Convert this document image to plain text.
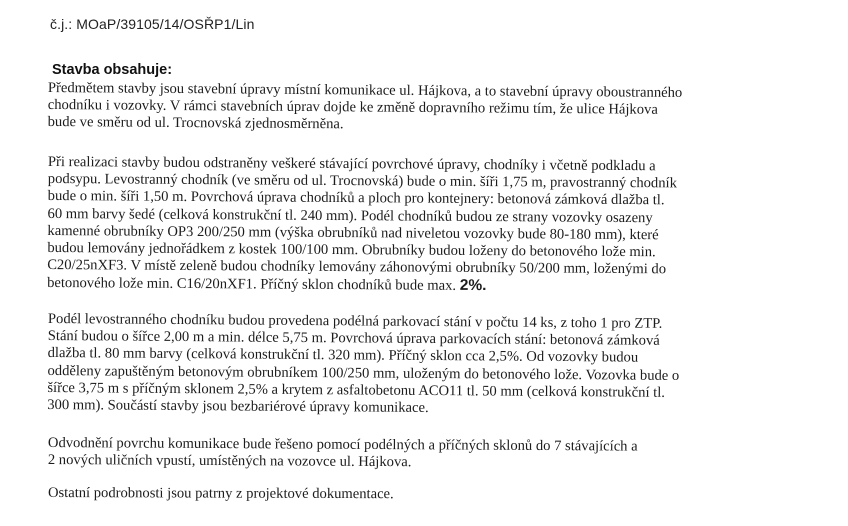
č.j.: MOaP/39105/14/OSŘP1/Lin
Stavba obsahuje:

Předmětem stavby jsou stavební úpravy místní komunikace ul. Hájkova, a to stavební úpravy oboustranného
chodníku i vozovky. V rámci stavebních úprav dojde ke změně dopravního režimu tím, že ulice Hájkova
bude ve směru od ul. Trocnovská zjednosměrněna.

Při realizaci stavby budou odstraněny veškeré stávající povrchové úpravy, chodníky i včetně podkladu a
podsypu. Levostranný chodník (ve směru od ul. Trocnovská) bude o min. šíři 1,75 m, pravostranný chodník
bude o min. šíři 1,50 m. Povrchová úprava chodníků a ploch pro kontejnery: betonová zámková dlažba tl.
60 mm barvy šedé (celková konstrukční tl. 240 mm). Podél chodníků budou ze strany vozovky osazeny
kamenné obrubníky OP3 200/250 mm (výška obrubníků nad niveletou vozovky bude 80-180 mm), které
budou lemovány jednořádkem z kostek 100/100 mm. Obrubníky budou loženy do betonového lože min.
C20/25nXF3. V místě zeleně budou chodníky lemovány záhonovými obrubníky 50/200 mm, loženými do
betonového lože min. C16/20nXF1. Příčný sklon chodníků bude max. 2%.

Podél levostranného chodníku budou provedena podélná parkovací stání v počtu 14 ks, z toho 1 pro ZTP.
Stání budou o šířce 2,00 m a min. délce 5,75 m. Povrchová úprava parkovacích stání: betonová zámková
dlažba tl. 80 mm barvy (celková konstrukční tl. 320 mm). Příčný sklon cca 2,5%. Od vozovky budou
odděleny zapuštěným betonovým obrubníkem 100/250 mm, uloženým do betonového lože. Vozovka bude o
šířce 3,75 m s příčným sklonem 2,5% a krytem z asfaltobetonu ACO11 tl. 50 mm (celková konstrukční tl.
300 mm). Součástí stavby jsou bezbariérové úpravy komunikace.

Odvodnění povrchu komunikace bude řešeno pomocí podélných a příčných sklonů do 7 stávajících a
2 nových uličních vpustí, umístěných na vozovce ul. Hájkova.

Ostatní podrobnosti jsou patrny z projektové dokumentace.
